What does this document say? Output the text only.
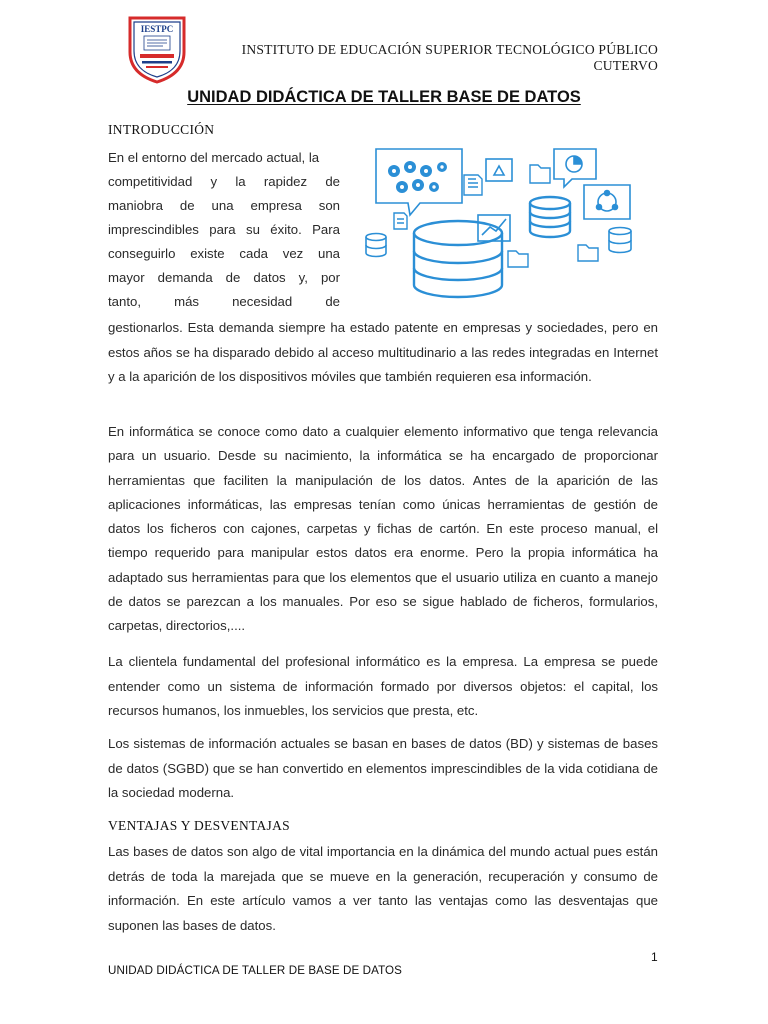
IESTPC
INSTITUTO DE EDUCACIÓN SUPERIOR TECNOLÓGICO PÚBLICO
CUTERVO
UNIDAD DIDÁCTICA DE TALLER BASE DE DATOS
INTRODUCCIÓN
En el entorno del mercado actual, la
competitividad y la rapidez de
maniobra de una empresa son
imprescindibles para su éxito. Para
conseguirlo existe cada vez una
mayor demanda de datos y, por
tanto, más necesidad de

gestionarlos. Esta demanda siempre ha estado patente en empresas y sociedades, pero en estos años se ha disparado debido al acceso multitudinario a las redes integradas en Internet y a la aparición de los dispositivos móviles que también requieren esa información.

En informática se conoce como dato a cualquier elemento informativo que tenga relevancia para un usuario. Desde su nacimiento, la informática se ha encargado de proporcionar herramientas que faciliten la manipulación de los datos. Antes de la aparición de las aplicaciones informáticas, las empresas tenían como únicas herramientas de gestión de datos los ficheros con cajones, carpetas y fichas de cartón. En este proceso manual, el tiempo requerido para manipular estos datos era enorme. Pero la propia informática ha adaptado sus herramientas para que los elementos que el usuario utiliza en cuanto a manejo de datos se parezcan a los manuales. Por eso se sigue hablado de ficheros, formularios, carpetas, directorios,....

La clientela fundamental del profesional informático es la empresa. La empresa se puede entender como un sistema de información formado por diversos objetos: el capital, los recursos humanos, los inmuebles, los servicios que presta, etc.

Los sistemas de información actuales se basan en bases de datos (BD) y sistemas de bases de datos (SGBD) que se han convertido en elementos imprescindibles de la vida cotidiana de la sociedad moderna.

VENTAJAS Y DESVENTAJAS

Las bases de datos son algo de vital importancia en la dinámica del mundo actual pues están detrás de toda la marejada que se mueve en la generación, recuperación y consumo de información. En este artículo vamos a ver tanto las ventajas como las desventajas que suponen las bases de datos.

1
UNIDAD DIDÁCTICA DE TALLER DE BASE DE DATOS
